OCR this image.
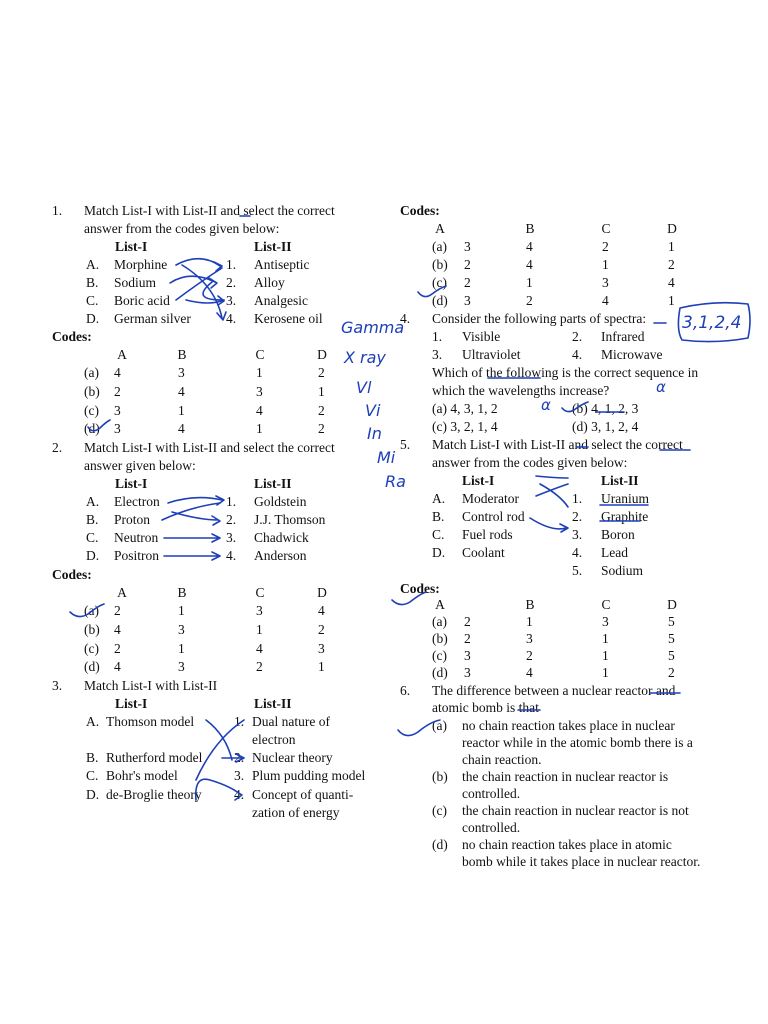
1. Match List-I with List-II and select the correct
answer from the codes given below:
List-I	List-II
A. Morphine	1. Antiseptic
B. Sodium	2. Alloy
C. Boric acid	3. Analgesic
D. German silver	4. Kerosene oil
Codes:
A	B	C	D
(a) 4	3	1	2
(b) 2	4	3	1
(c) 3	1	4	2
(d) 3	4	1	2
2. Match List-I with List-II and select the correct
answer given below:
List-I	List-II
A. Electron	1. Goldstein
B. Proton	2. J.J. Thomson
C. Neutron	3. Chadwick
D. Positron	4. Anderson
Codes:
A	B	C	D
(a) 2	1	3	4
(b) 4	3	1	2
(c) 2	1	4	3
(d) 4	3	2	1
3. Match List-I with List-II
List-I	List-II
A. Thomson model	1. Dual nature of
electron
B. Rutherford model 2. Nuclear theory
C. Bohr's model	3. Plum pudding model
D. de-Broglie theory 4. Concept of quanti-
zation of energy
Codes:
A	B	C	D
(a) 3	4	2	1
(b) 2	4	1	2
(c) 2	1	3	4
(d) 3	2	4	1
4. Consider the following parts of spectra:
1. Visible	2. Infrared
3. Ultraviolet	4. Microwave
Which of the following is the correct sequence in
which the wavelengths increase?
(a) 4, 3, 1, 2	(b) 4, 1, 2, 3
(c) 3, 2, 1, 4	(d) 3, 1, 2, 4
5. Match List-I with List-II and select the correct
answer from the codes given below:
List-I	List-II
A. Moderator	1. Uranium
B. Control rod	2. Graphite
C. Fuel rods	3. Boron
D. Coolant	4. Lead
5. Sodium
Codes:
A	B	C	D
(a) 2	1	3	5
(b) 2	3	1	5
(c) 3	2	1	5
(d) 3	4	1	2
6. The difference between a nuclear reactor and
atomic bomb is that
(a) no chain reaction takes place in nuclear
reactor while in the atomic bomb there is a
chain reaction.
(b) the chain reaction in nuclear reactor is
controlled.
(c) the chain reaction in nuclear reactor is not
controlled.
(d) no chain reaction takes place in atomic
bomb while it takes place in nuclear reactor.
Gamma
X ray
Vl
Vi
In
Mi
Ra
3,1,2,4
α
α
